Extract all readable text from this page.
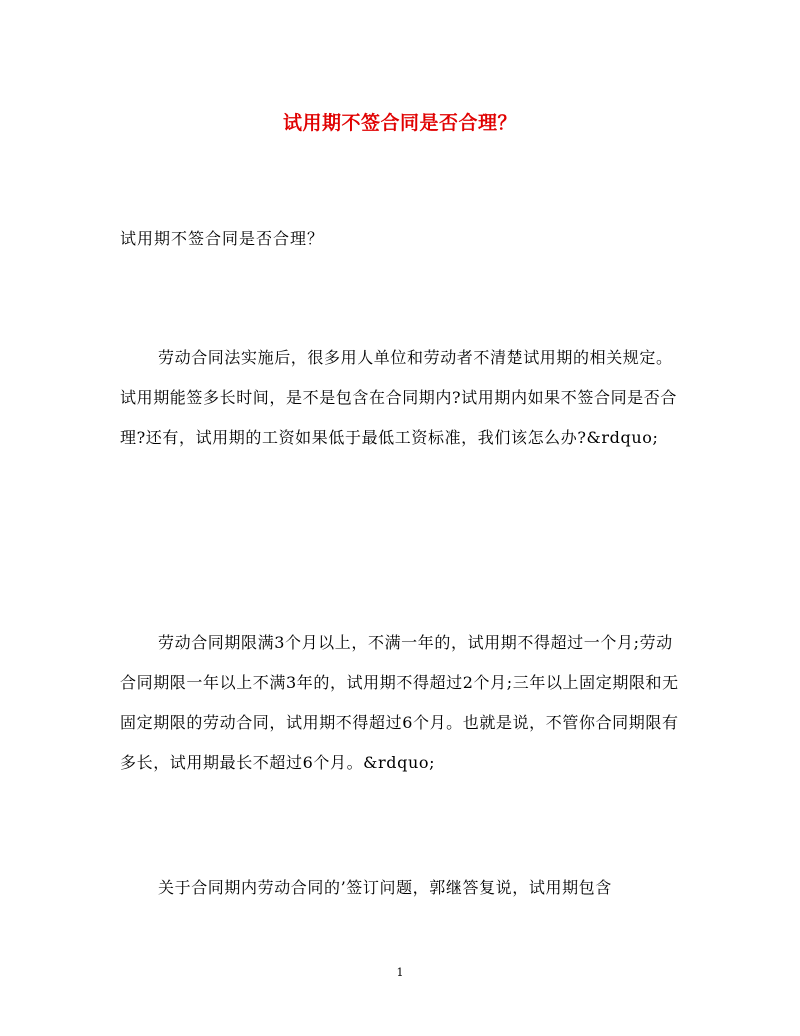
试用期不签合同是否合理？
试用期不签合同是否合理？

劳动合同法实施后，很多用人单位和劳动者不清楚试用期的相关规定。试用期能签多长时间，是不是包含在合同期内?试用期内如果不签合同是否合理?还有，试用期的工资如果低于最低工资标准，我们该怎么办?&rdquo;

劳动合同期限满3个月以上，不满一年的，试用期不得超过一个月;劳动合同期限一年以上不满3年的，试用期不得超过2个月;三年以上固定期限和无固定期限的劳动合同，试用期不得超过6个月。也就是说，不管你合同期限有多长，试用期最长不超过6个月。&rdquo;

关于合同期内劳动合同的’签订问题，郭继答复说，试用期包含

1
